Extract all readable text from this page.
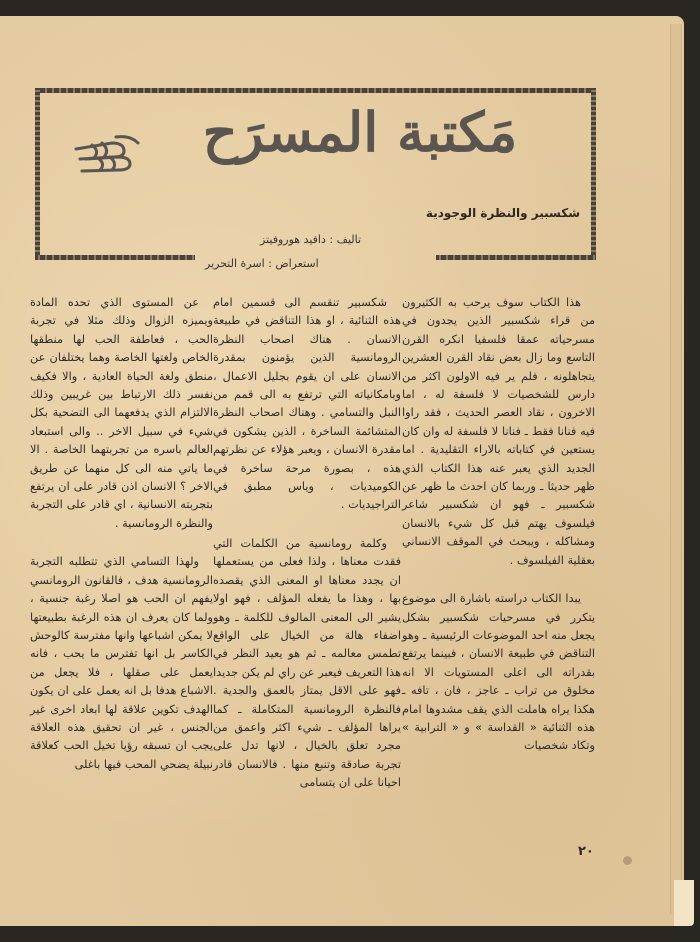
مَكتبة المسرَح
شكسبير والنظرة الوجودية
تاليف : دافيد هوروفيتز
استعراض : اسرة التحرير

هذا الكتاب سوف يرحب به الكثيرون من قراء شكسبير الذين يجدون في مسرحياته عمقا فلسفيا انكره القرن التاسع وما زال بعض نقاد القرن العشرين يتجاهلونه ، فلم ير فيه الاولون اكثر من دارس للشخصيات لا فلسفة له ، اما الاخرون ، نقاد العصر الحديث ، فقد راوا فيه فنانا فقط ـ فنانا لا فلسفة له وان كان يستعين في كتاباته بالاراء التقليدية . اما الجديد الذي يعبر عنه هذا الكتاب الذي ظهر حديثا ـ وربما كان احدث ما ظهر عن شكسبير ـ فهو ان شكسبير شاعر فيلسوف يهتم قبل كل شيء بالانسان ومشاكله ، ويبحث في الموقف الانساني بعقلية الفيلسوف .

يبدا الكتاب دراسته باشارة الى موضوع يتكرر في مسرحيات شكسبير بشكل يجعل منه احد الموضوعات الرئيسية ـ وهو التناقض في طبيعة الانسان ، فبينما يرتفع بقدراته الى اعلى المستويات الا انه مخلوق من تراب ـ عاجز ، فان ، تافه ـ هكذا يراه هاملت الذي يقف مشدوها امام هذه الثنائية « القداسة » و « الترابية » وتكاد شخصيات

شكسبير تنقسم الى قسمين امام هذه الثنائية ، او هذا التناقض في طبيعة الانسان . هناك اصحاب النظرة الرومانسية الذين يؤمنون بمقدرة الانسان على ان يقوم بجليل الاعمال ، وبامكانياته التي ترتفع به الى قمم من النبل والتسامي . وهناك اصحاب النظرة المتشائمة الساخرة ، الذين يشكون في مقدرة الانسان ، ويعبر هؤلاء عن نظرتهم هذه ، بصورة مرحة ساخرة في الكوميديات ، وياس مطبق في التراجيديات .

وكلمة رومانسية من الكلمات التي فقدت معناها ، ولذا فعلى من يستعملها ان يجدد معناها او المعنى الذي يقصده بها ، وهذا ما يفعله المؤلف ، فهو اولا يشير الى المعنى المالوف للكلمة ـ وهو اضفاء هالة من الخيال على الواقع تطمس معالمه ـ ثم هو يعيد النظر في هذا التعريف فيعبر عن راي لم يكن جديدا فهو على الاقل يمتاز بالعمق والجدية . فالنظرة الرومانسية المتكاملة ـ كما يراها المؤلف ـ شيء اكثر واعمق من مجرد تعلق بالخيال ، لانها تدل على تجربة صادقة وتنبع منها . فالانسان قادر احيانا على ان يتسامى

عن المستوى الذي تحده المادة ويميزه الزوال وذلك مثلا في تجربة الحب ، فعاطفة الحب لها منطقها الخاص ولغتها الخاصة وهما يختلفان عن منطق ولغة الحياة العادية ، والا فكيف نفسر ذلك الارتباط بين غريبين وذلك الالتزام الذي يدفعهما الى التضحية بكل شيء في سبيل الاخر .. والى استبعاد العالم باسره من تجربتهما الخاصة . الا ما ياتي منه الى كل منهما عن طريق الاخر ؟ الانسان اذن قادر على ان يرتفع بتجربته الانسانية ، اي قادر على التجربة والنظرة الرومانسية .

ولهذا التسامي الذي تتطلبه التجربة الرومانسية هدف ، فالقانون الرومانسي يفهم ان الحب هو اصلا رغبة جنسية ، ولما كان يعرف ان هذه الرغبة بطبيعتها لا يمكن اشباعها وانها مفترسة كالوحش الكاسر بل انها تفترس ما يحب ، فانه يعمل على صقلها ، فلا يجعل من الاشباع هدفا بل انه يعمل على ان يكون الهدف تكوين علاقة لها ابعاد اخرى غير الجنس ، غير ان تحقيق هذه العلاقة يجب ان تسبقه رؤيا تخيل الحب كعلاقة نبيلة يضحي المحب فيها باغلى

٢٠
